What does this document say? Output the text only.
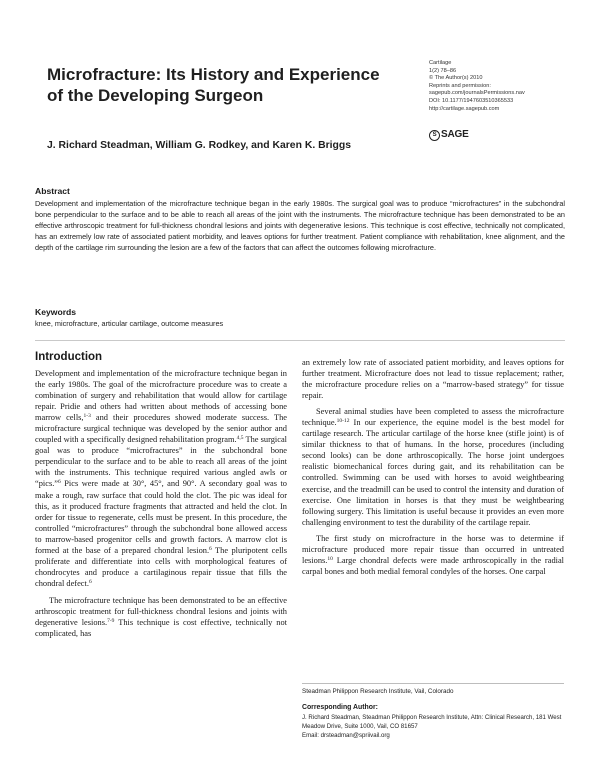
Microfracture: Its History and Experience of the Developing Surgeon
Cartilage
1(2) 78–86
© The Author(s) 2010
Reprints and permission:
sagepub.com/journalsPermissions.nav
DOI: 10.1177/1947603510365533
http://cartilage.sagepub.com
S SAGE
J. Richard Steadman, William G. Rodkey, and Karen K. Briggs
Abstract
Development and implementation of the microfracture technique began in the early 1980s. The surgical goal was to produce “microfractures” in the subchondral bone perpendicular to the surface and to be able to reach all areas of the joint with the instruments. The microfracture technique has been demonstrated to be an effective arthroscopic treatment for full-thickness chondral lesions and joints with degenerative lesions. This technique is cost effective, technically not complicated, has an extremely low rate of associated patient morbidity, and leaves options for further treatment. Patient compliance with rehabilitation, knee alignment, and the depth of the cartilage rim surrounding the lesion are a few of the factors that can affect the outcomes following microfracture.
Keywords
knee, microfracture, articular cartilage, outcome measures
Introduction

Development and implementation of the microfracture technique began in the early 1980s. The goal of the microfracture procedure was to create a combination of surgery and rehabilitation that would allow for cartilage repair. Pridie and others had written about methods of accessing bone marrow cells,$^{1-3}$ and their procedures showed moderate success. The microfracture surgical technique was developed by the senior author and coupled with a specifically designed rehabilitation program.$^{4,5}$ The surgical goal was to produce “microfractures” in the subchondral bone perpendicular to the surface and to be able to reach all areas of the joint with the instruments. This technique required various angled awls or “pics.”$^6$ Pics were made at 30°, 45°, and 90°. A secondary goal was to make a rough, raw surface that could hold the clot. The pic was ideal for this, as it produced fracture fragments that attracted and held the clot. In order for tissue to regenerate, cells must be present. In this procedure, the controlled “microfractures” through the subchondral bone allowed access to marrow-based progenitor cells and growth factors. A marrow clot is formed at the base of a prepared chondral lesion.$^6$ The pluripotent cells proliferate and differentiate into cells with morphological features of chondrocytes and produce a cartilaginous repair tissue that fills the chondral defect.$^6$

The microfracture technique has been demonstrated to be an effective arthroscopic treatment for full-thickness chondral lesions and joints with degenerative lesions.$^{7-9}$ This technique is cost effective, technically not complicated, has

an extremely low rate of associated patient morbidity, and leaves options for further treatment. Microfracture does not lead to tissue replacement; rather, the microfracture procedure relies on a “marrow-based strategy” for tissue repair.

Several animal studies have been completed to assess the microfracture technique.$^{10-12}$ In our experience, the equine model is the best model for cartilage research. The articular cartilage of the horse knee (stifle joint) is of similar thickness to that of humans. In the horse, procedures (including second looks) can be done arthroscopically. The horse joint undergoes realistic biomechanical forces during gait, and its rehabilitation can be controlled. Swimming can be used with horses to avoid weightbearing exercise, and the treadmill can be used to control the intensity and duration of exercise. One limitation in horses is that they must be weightbearing following surgery. This limitation is useful because it provides an even more challenging environment to test the durability of the cartilage repair.

The first study on microfracture in the horse was to determine if microfracture produced more repair tissue than occurred in untreated lesions.$^{10}$ Large chondral defects were made arthroscopically in the radial carpal bones and both medial femoral condyles of the horses. One carpal

Steadman Philippon Research Institute, Vail, Colorado
Corresponding Author:
J. Richard Steadman, Steadman Philippon Research Institute, Attn: Clinical Research, 181 West Meadow Drive, Suite 1000, Vail, CO 81657
Email: drsteadman@spriivail.org
